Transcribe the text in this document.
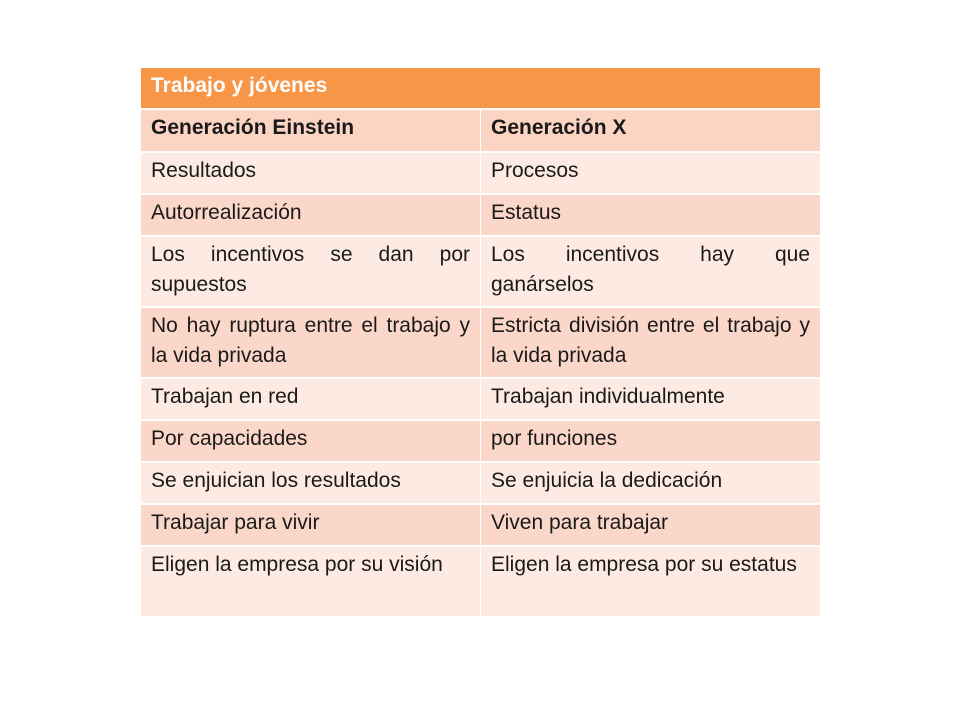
Trabajo y jóvenes	
Generación Einstein	Generación X
Resultados	Procesos
Autorrealización	Estatus
Los incentivos se dan por supuestos	Los incentivos hay que ganárselos
No hay ruptura entre el trabajo y la vida privada	Estricta división entre el trabajo y la vida privada
Trabajan en red	Trabajan individualmente
Por capacidades	por funciones
Se enjuician los resultados	Se enjuicia la dedicación
Trabajar para vivir	Viven para trabajar
Eligen la empresa por su visión	Eligen la empresa por su estatus
